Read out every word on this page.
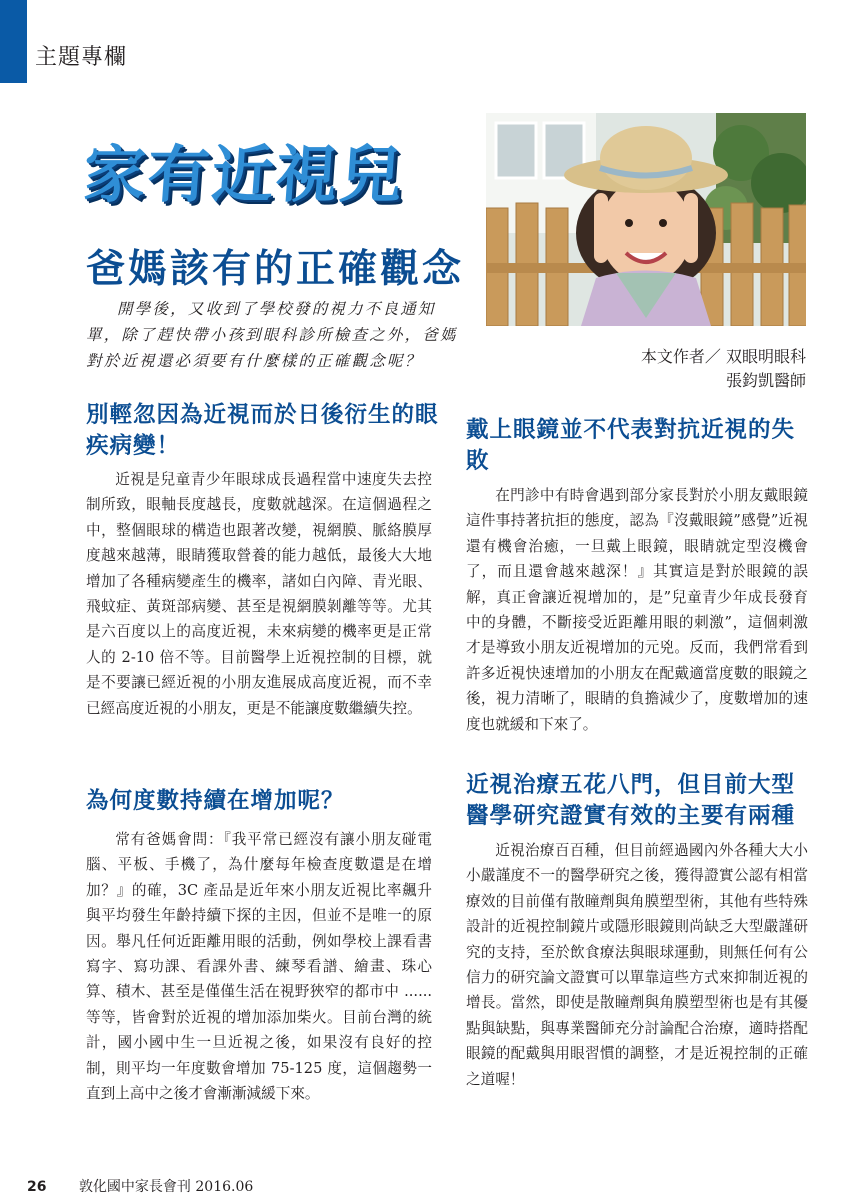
主題專欄
家有近視兒
爸媽該有的正確觀念

開學後，又收到了學校發的視力不良通知單，除了趕快帶小孩到眼科診所檢查之外，爸媽對於近視還必須要有什麼樣的正確觀念呢？	本文作者／ 双眼明眼科
張鈞凱醫師
別輕忽因為近視而於日後衍生的眼疾病變！

近視是兒童青少年眼球成長過程當中速度失去控制所致，眼軸長度越長，度數就越深。在這個過程之中，整個眼球的構造也跟著改變，視網膜、脈絡膜厚度越來越薄，眼睛獲取營養的能力越低，最後大大地增加了各種病變產生的機率，諸如白內障、青光眼、飛蚊症、黃斑部病變、甚至是視網膜剝離等等。尤其是六百度以上的高度近視，未來病變的機率更是正常人的 2-10 倍不等。目前醫學上近視控制的目標，就是不要讓已經近視的小朋友進展成高度近視，而不幸已經高度近視的小朋友，更是不能讓度數繼續失控。

為何度數持續在增加呢？

常有爸媽會問：『我平常已經沒有讓小朋友碰電腦、平板、手機了，為什麼每年檢查度數還是在增加？』的確，3C 產品是近年來小朋友近視比率飆升與平均發生年齡持續下探的主因，但並不是唯一的原因。舉凡任何近距離用眼的活動，例如學校上課看書寫字、寫功課、看課外書、練琴看譜、繪畫、珠心算、積木、甚至是僅僅生活在視野狹窄的都市中 ...... 等等，皆會對於近視的增加添加柴火。目前台灣的統計，國小國中生一旦近視之後，如果沒有良好的控制，則平均一年度數會增加 75-125 度，這個趨勢一直到上高中之後才會漸漸減緩下來。

戴上眼鏡並不代表對抗近視的失敗

在門診中有時會遇到部分家長對於小朋友戴眼鏡這件事持著抗拒的態度，認為『沒戴眼鏡”感覺”近視還有機會治癒，一旦戴上眼鏡，眼睛就定型沒機會了，而且還會越來越深！』其實這是對於眼鏡的誤解，真正會讓近視增加的，是”兒童青少年成長發育中的身體，不斷接受近距離用眼的刺激”，這個刺激才是導致小朋友近視增加的元兇。反而，我們常看到許多近視快速增加的小朋友在配戴適當度數的眼鏡之後，視力清晰了，眼睛的負擔減少了，度數增加的速度也就緩和下來了。

近視治療五花八門，但目前大型醫學研究證實有效的主要有兩種

近視治療百百種，但目前經過國內外各種大大小小嚴謹度不一的醫學研究之後，獲得證實公認有相當療效的目前僅有散瞳劑與角膜塑型術，其他有些特殊設計的近視控制鏡片或隱形眼鏡則尚缺乏大型嚴謹研究的支持，至於飲食療法與眼球運動，則無任何有公信力的研究論文證實可以單靠這些方式來抑制近視的增長。當然，即使是散瞳劑與角膜塑型術也是有其優點與缺點，與專業醫師充分討論配合治療，適時搭配眼鏡的配戴與用眼習慣的調整，才是近視控制的正確之道喔！

26 敦化國中家長會刊 2016.06
